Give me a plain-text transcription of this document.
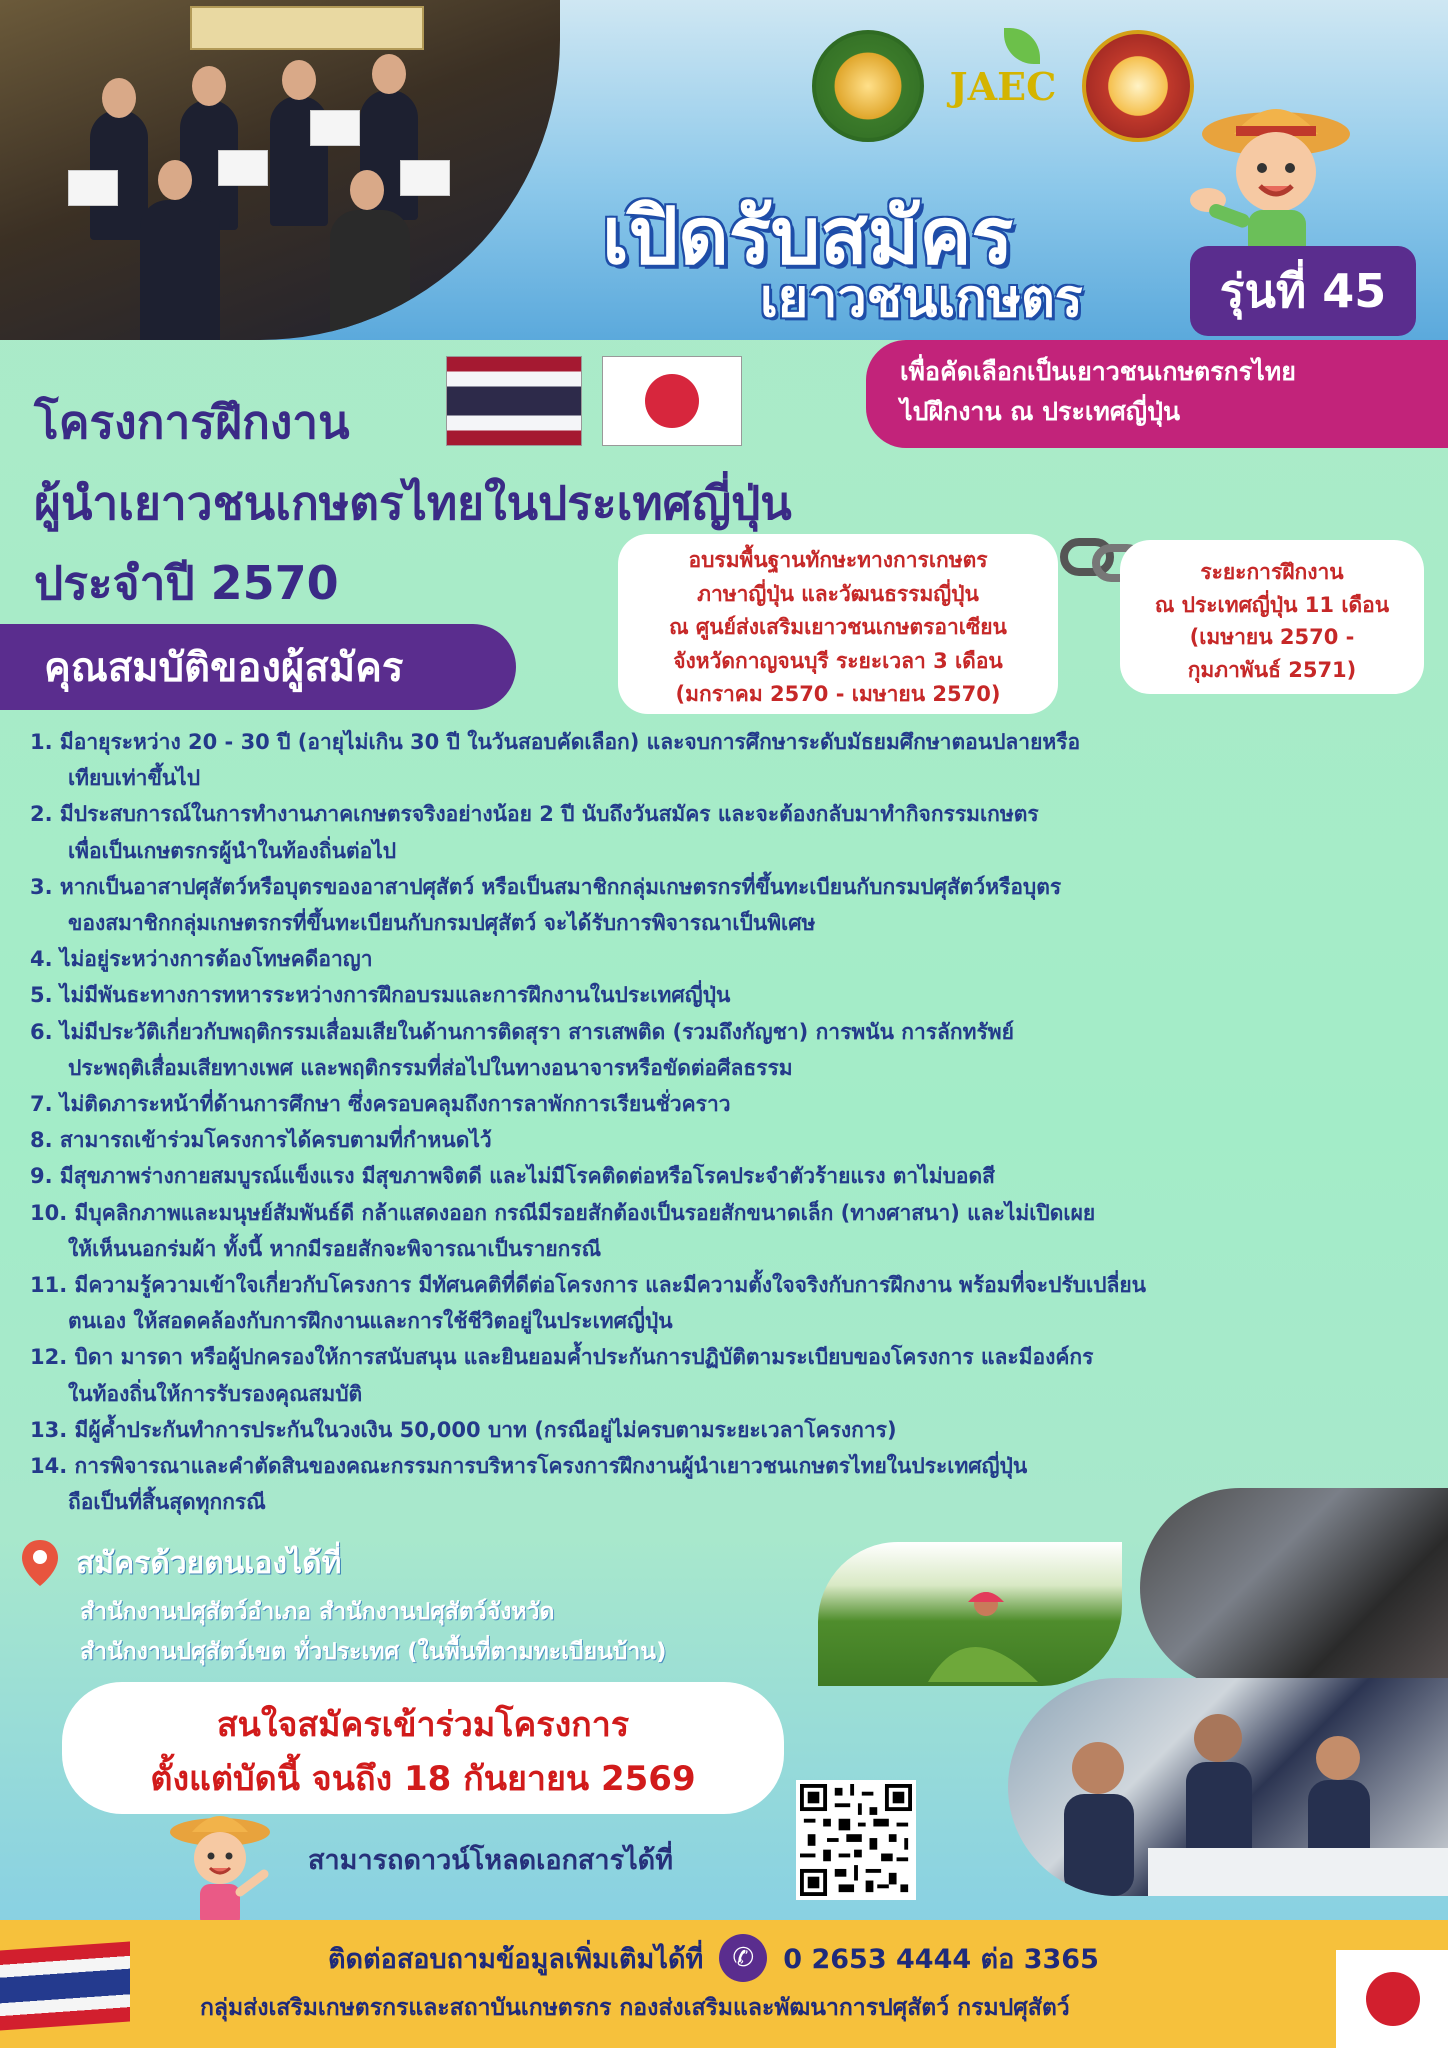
JAEC
เปิดรับสมัคร
เยาวชนเกษตร	รุ่นที่ 45
เพื่อคัดเลือกเป็นเยาวชนเกษตรกรไทย
ไปฝึกงาน ณ ประเทศญี่ปุ่น
โครงการฝึกงาน
ผู้นำเยาวชนเกษตรไทยในประเทศญี่ปุ่น
ประจำปี 2570	อบรมพื้นฐานทักษะทางการเกษตร
ภาษาญี่ปุ่น และวัฒนธรรมญี่ปุ่น
ณ ศูนย์ส่งเสริมเยาวชนเกษตรอาเซียน
จังหวัดกาญจนบุรี ระยะเวลา 3 เดือน
(มกราคม 2570 - เมษายน 2570)
ระยะการฝึกงาน
ณ ประเทศญี่ปุ่น 11 เดือน
(เมษายน 2570 -
กุมภาพันธ์ 2571)
คุณสมบัติของผู้สมัคร
1. มีอายุระหว่าง 20 - 30 ปี (อายุไม่เกิน 30 ปี ในวันสอบคัดเลือก) และจบการศึกษาระดับมัธยมศึกษาตอนปลายหรือ
เทียบเท่าขึ้นไป
2. มีประสบการณ์ในการทำงานภาคเกษตรจริงอย่างน้อย 2 ปี นับถึงวันสมัคร และจะต้องกลับมาทำกิจกรรมเกษตร
เพื่อเป็นเกษตรกรผู้นำในท้องถิ่นต่อไป
3. หากเป็นอาสาปศุสัตว์หรือบุตรของอาสาปศุสัตว์ หรือเป็นสมาชิกกลุ่มเกษตรกรที่ขึ้นทะเบียนกับกรมปศุสัตว์หรือบุตร
ของสมาชิกกลุ่มเกษตรกรที่ขึ้นทะเบียนกับกรมปศุสัตว์ จะได้รับการพิจารณาเป็นพิเศษ
4. ไม่อยู่ระหว่างการต้องโทษคดีอาญา
5. ไม่มีพันธะทางการทหารระหว่างการฝึกอบรมและการฝึกงานในประเทศญี่ปุ่น
6. ไม่มีประวัติเกี่ยวกับพฤติกรรมเสื่อมเสียในด้านการติดสุรา สารเสพติด (รวมถึงกัญชา) การพนัน การลักทรัพย์
ประพฤติเสื่อมเสียทางเพศ และพฤติกรรมที่ส่อไปในทางอนาจารหรือขัดต่อศีลธรรม
7. ไม่ติดภาระหน้าที่ด้านการศึกษา ซึ่งครอบคลุมถึงการลาพักการเรียนชั่วคราว
8. สามารถเข้าร่วมโครงการได้ครบตามที่กำหนดไว้
9. มีสุขภาพร่างกายสมบูรณ์แข็งแรง มีสุขภาพจิตดี และไม่มีโรคติดต่อหรือโรคประจำตัวร้ายแรง ตาไม่บอดสี
10. มีบุคลิกภาพและมนุษย์สัมพันธ์ดี กล้าแสดงออก กรณีมีรอยสักต้องเป็นรอยสักขนาดเล็ก (ทางศาสนา) และไม่เปิดเผย
ให้เห็นนอกร่มผ้า ทั้งนี้ หากมีรอยสักจะพิจารณาเป็นรายกรณี
11. มีความรู้ความเข้าใจเกี่ยวกับโครงการ มีทัศนคติที่ดีต่อโครงการ และมีความตั้งใจจริงกับการฝึกงาน พร้อมที่จะปรับเปลี่ยน
ตนเอง ให้สอดคล้องกับการฝึกงานและการใช้ชีวิตอยู่ในประเทศญี่ปุ่น
12. บิดา มารดา หรือผู้ปกครองให้การสนับสนุน และยินยอมค้ำประกันการปฏิบัติตามระเบียบของโครงการ และมีองค์กร
ในท้องถิ่นให้การรับรองคุณสมบัติ
13. มีผู้ค้ำประกันทำการประกันในวงเงิน 50,000 บาท (กรณีอยู่ไม่ครบตามระยะเวลาโครงการ)
14. การพิจารณาและคำตัดสินของคณะกรรมการบริหารโครงการฝึกงานผู้นำเยาวชนเกษตรไทยในประเทศญี่ปุ่น
ถือเป็นที่สิ้นสุดทุกกรณี
สมัครด้วยตนเองได้ที่
สำนักงานปศุสัตว์อำเภอ สำนักงานปศุสัตว์จังหวัด
สำนักงานปศุสัตว์เขต ทั่วประเทศ (ในพื้นที่ตามทะเบียนบ้าน)
สนใจสมัครเข้าร่วมโครงการ
ตั้งแต่บัดนี้ จนถึง 18 กันยายน 2569
สามารถดาวน์โหลดเอกสารได้ที่
ติดต่อสอบถามข้อมูลเพิ่มเติมได้ที่	✆	0 2653 4444 ต่อ 3365
กลุ่มส่งเสริมเกษตรกรและสถาบันเกษตรกร กองส่งเสริมและพัฒนาการปศุสัตว์ กรมปศุสัตว์
